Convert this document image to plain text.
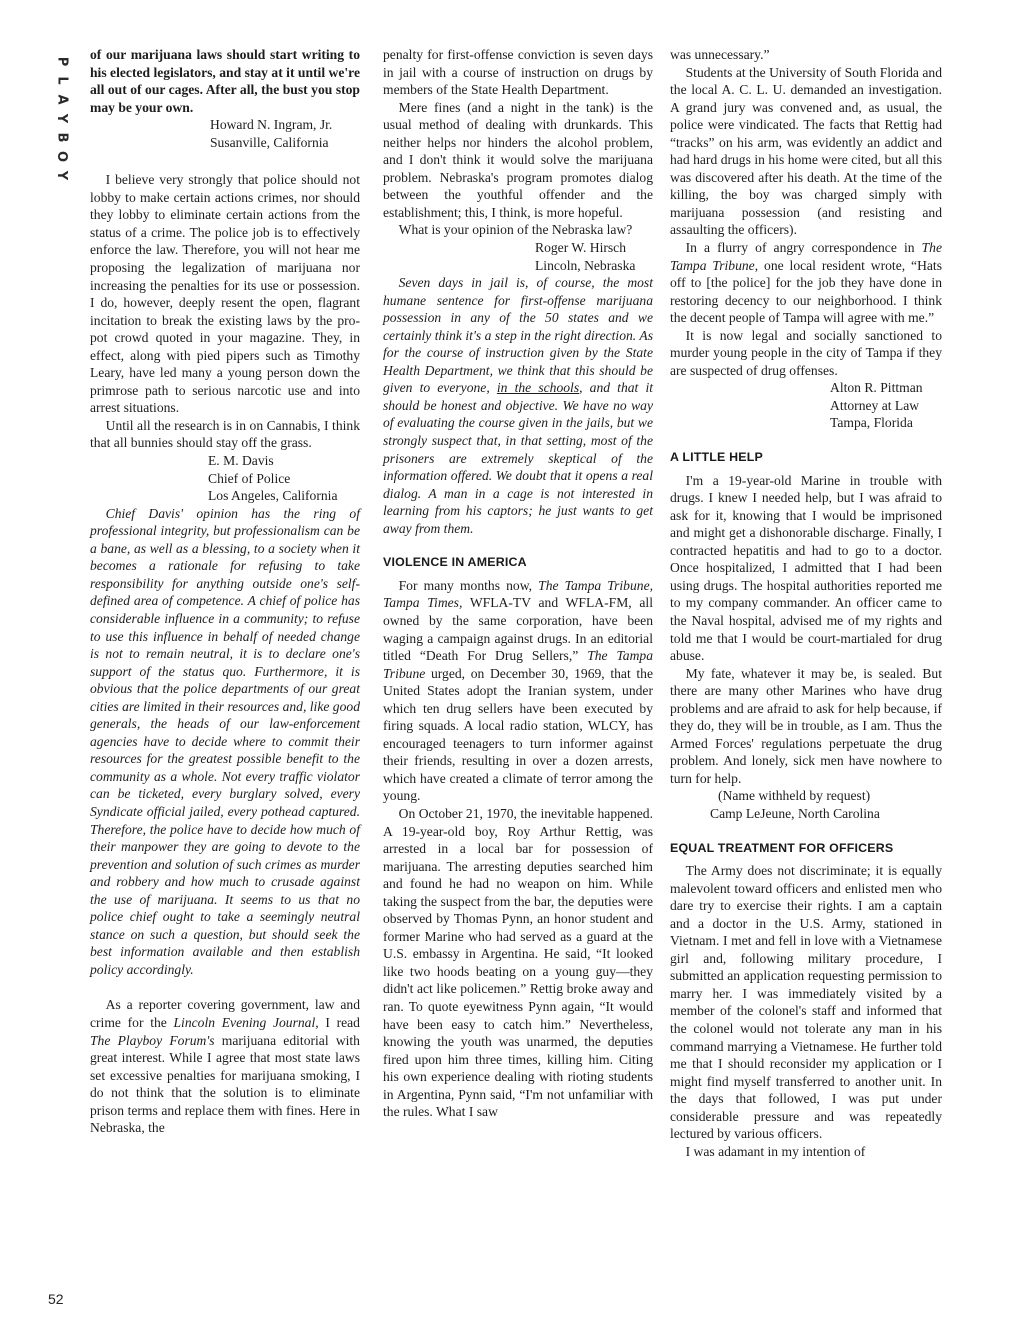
P
L
A
Y
B
O
Y
52

of our marijuana laws should start writing to his elected legislators, and stay at it until we're all out of our cages. After all, the bust you stop may be your own.

Howard N. Ingram, Jr.

Susanville, California

I believe very strongly that police should not lobby to make certain actions crimes, nor should they lobby to eliminate certain actions from the status of a crime. The police job is to effectively enforce the law. Therefore, you will not hear me proposing the legalization of marijuana nor increasing the penalties for its use or possession. I do, however, deeply resent the open, flagrant incitation to break the existing laws by the pro-pot crowd quoted in your magazine. They, in effect, along with pied pipers such as Timothy Leary, have led many a young person down the primrose path to serious narcotic use and into arrest situations.

Until all the research is in on Cannabis, I think that all bunnies should stay off the grass.

E. M. Davis

Chief of Police

Los Angeles, California

Chief Davis' opinion has the ring of professional integrity, but professionalism can be a bane, as well as a blessing, to a society when it becomes a rationale for refusing to take responsibility for anything outside one's self-defined area of competence. A chief of police has considerable influence in a community; to refuse to use this influence in behalf of needed change is not to remain neutral, it is to declare one's support of the status quo. Furthermore, it is obvious that the police departments of our great cities are limited in their resources and, like good generals, the heads of our law-enforcement agencies have to decide where to commit their resources for the greatest possible benefit to the community as a whole. Not every traffic violator can be ticketed, every burglary solved, every Syndicate official jailed, every pothead captured. Therefore, the police have to decide how much of their manpower they are going to devote to the prevention and solution of such crimes as murder and robbery and how much to crusade against the use of marijuana. It seems to us that no police chief ought to take a seemingly neutral stance on such a question, but should seek the best information available and then establish policy accordingly.

As a reporter covering government, law and crime for the Lincoln Evening Journal, I read The Playboy Forum's marijuana editorial with great interest. While I agree that most state laws set excessive penalties for marijuana smoking, I do not think that the solution is to eliminate prison terms and replace them with fines. Here in Nebraska, the

penalty for first-offense conviction is seven days in jail with a course of instruction on drugs by members of the State Health Department.

Mere fines (and a night in the tank) is the usual method of dealing with drunkards. This neither helps nor hinders the alcohol problem, and I don't think it would solve the marijuana problem. Nebraska's program promotes dialog between the youthful offender and the establishment; this, I think, is more hopeful.

What is your opinion of the Nebraska law?

Roger W. Hirsch

Lincoln, Nebraska

Seven days in jail is, of course, the most humane sentence for first-offense marijuana possession in any of the 50 states and we certainly think it's a step in the right direction. As for the course of instruction given by the State Health Department, we think that this should be given to everyone, in the schools, and that it should be honest and objective. We have no way of evaluating the course given in the jails, but we strongly suspect that, in that setting, most of the prisoners are extremely skeptical of the information offered. We doubt that it opens a real dialog. A man in a cage is not interested in learning from his captors; he just wants to get away from them.

VIOLENCE IN AMERICA

For many months now, The Tampa Tribune, Tampa Times, WFLA-TV and WFLA-FM, all owned by the same corporation, have been waging a campaign against drugs. In an editorial titled “Death For Drug Sellers,” The Tampa Tribune urged, on December 30, 1969, that the United States adopt the Iranian system, under which ten drug sellers have been executed by firing squads. A local radio station, WLCY, has encouraged teenagers to turn informer against their friends, resulting in over a dozen arrests, which have created a climate of terror among the young.

On October 21, 1970, the inevitable happened. A 19-year-old boy, Roy Arthur Rettig, was arrested in a local bar for possession of marijuana. The arresting deputies searched him and found he had no weapon on him. While taking the suspect from the bar, the deputies were observed by Thomas Pynn, an honor student and former Marine who had served as a guard at the U.S. embassy in Argentina. He said, “It looked like two hoods beating on a young guy—they didn't act like policemen.” Rettig broke away and ran. To quote eyewitness Pynn again, “It would have been easy to catch him.” Nevertheless, knowing the youth was unarmed, the deputies fired upon him three times, killing him. Citing his own experience dealing with rioting students in Argentina, Pynn said, “I'm not unfamiliar with the rules. What I saw

was unnecessary.”

Students at the University of South Florida and the local A. C. L. U. demanded an investigation. A grand jury was convened and, as usual, the police were vindicated. The facts that Rettig had “tracks” on his arm, was evidently an addict and had hard drugs in his home were cited, but all this was discovered after his death. At the time of the killing, the boy was charged simply with marijuana possession (and resisting and assaulting the officers).

In a flurry of angry correspondence in The Tampa Tribune, one local resident wrote, “Hats off to [the police] for the job they have done in restoring decency to our neighborhood. I think the decent people of Tampa will agree with me.”

It is now legal and socially sanctioned to murder young people in the city of Tampa if they are suspected of drug offenses.

Alton R. Pittman

Attorney at Law

Tampa, Florida

A LITTLE HELP

I'm a 19-year-old Marine in trouble with drugs. I knew I needed help, but I was afraid to ask for it, knowing that I would be imprisoned and might get a dishonorable discharge. Finally, I contracted hepatitis and had to go to a doctor. Once hospitalized, I admitted that I had been using drugs. The hospital authorities reported me to my company commander. An officer came to the Naval hospital, advised me of my rights and told me that I would be court-martialed for drug abuse.

My fate, whatever it may be, is sealed. But there are many other Marines who have drug problems and are afraid to ask for help because, if they do, they will be in trouble, as I am. Thus the Armed Forces' regulations perpetuate the drug problem. And lonely, sick men have nowhere to turn for help.

(Name withheld by request)

Camp LeJeune, North Carolina

EQUAL TREATMENT FOR OFFICERS

The Army does not discriminate; it is equally malevolent toward officers and enlisted men who dare try to exercise their rights. I am a captain and a doctor in the U.S. Army, stationed in Vietnam. I met and fell in love with a Vietnamese girl and, following military procedure, I submitted an application requesting permission to marry her. I was immediately visited by a member of the colonel's staff and informed that the colonel would not tolerate any man in his command marrying a Vietnamese. He further told me that I should reconsider my application or I might find myself transferred to another unit. In the days that followed, I was put under considerable pressure and was repeatedly lectured by various officers.

I was adamant in my intention of
